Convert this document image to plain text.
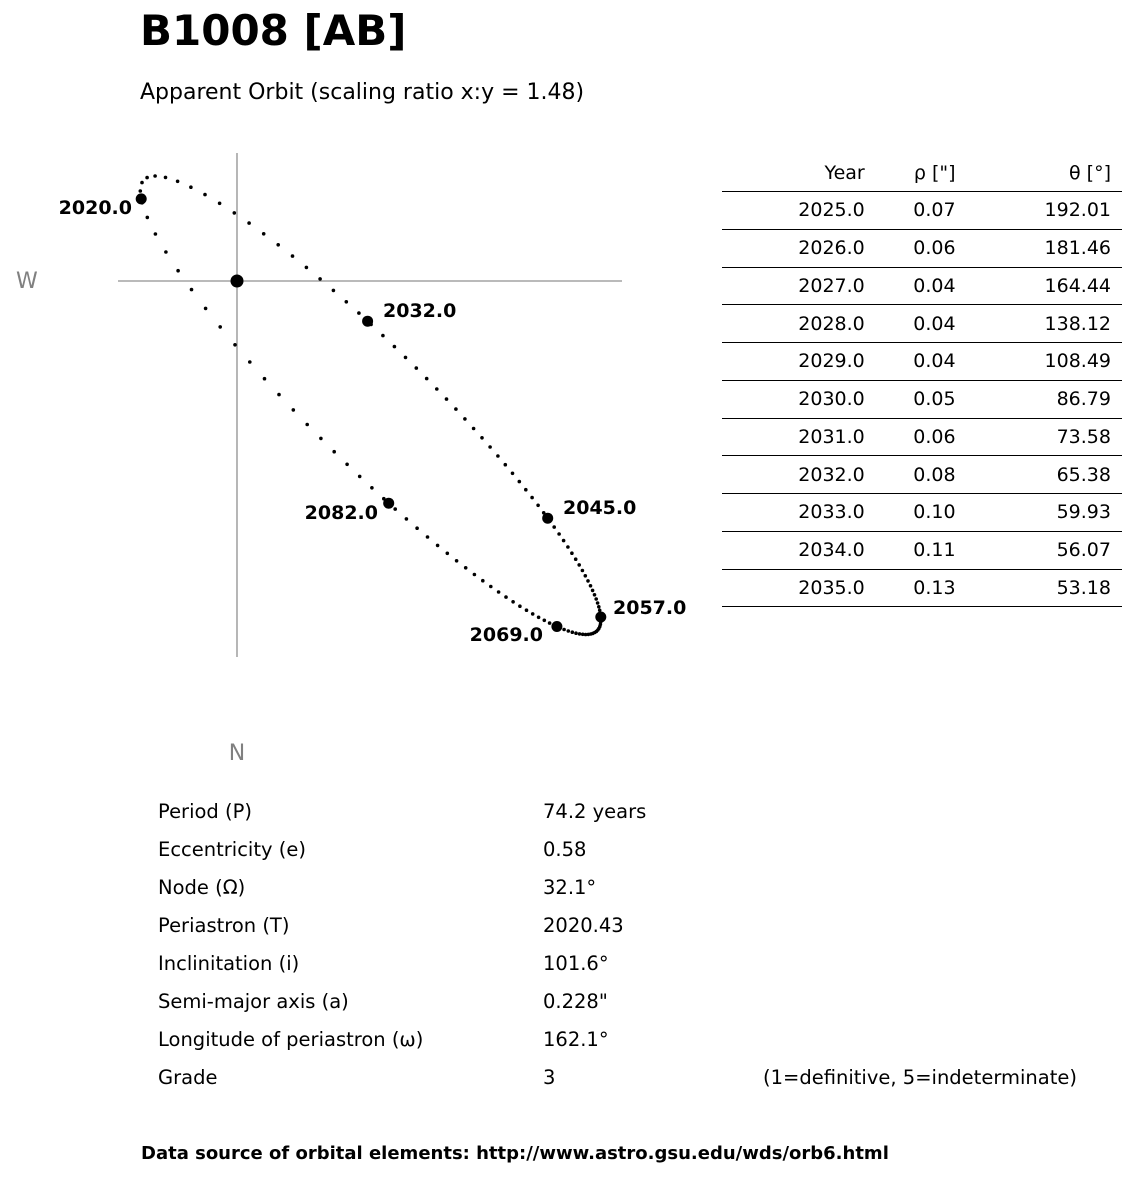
B1008 [AB]
Apparent Orbit (scaling ratio x:y = 1.48)
W
N
2020.0
2032.0
2045.0
2057.0
2069.0
2082.0
Year	ρ ["]	θ [°]
2025.0	0.07	192.01
2026.0	0.06	181.46
2027.0	0.04	164.44
2028.0	0.04	138.12
2029.0	0.04	108.49
2030.0	0.05	86.79
2031.0	0.06	73.58
2032.0	0.08	65.38
2033.0	0.10	59.93
2034.0	0.11	56.07
2035.0	0.13	53.18
Period (P)	74.2 years
Eccentricity (e)	0.58
Node (Ω)	32.1°
Periastron (T)	2020.43
Inclinitation (i)	101.6°
Semi-major axis (a)	0.228"
Longitude of periastron (ω)	162.1°
Grade	3	(1=definitive, 5=indeterminate)
Data source of orbital elements: http://www.astro.gsu.edu/wds/orb6.html
